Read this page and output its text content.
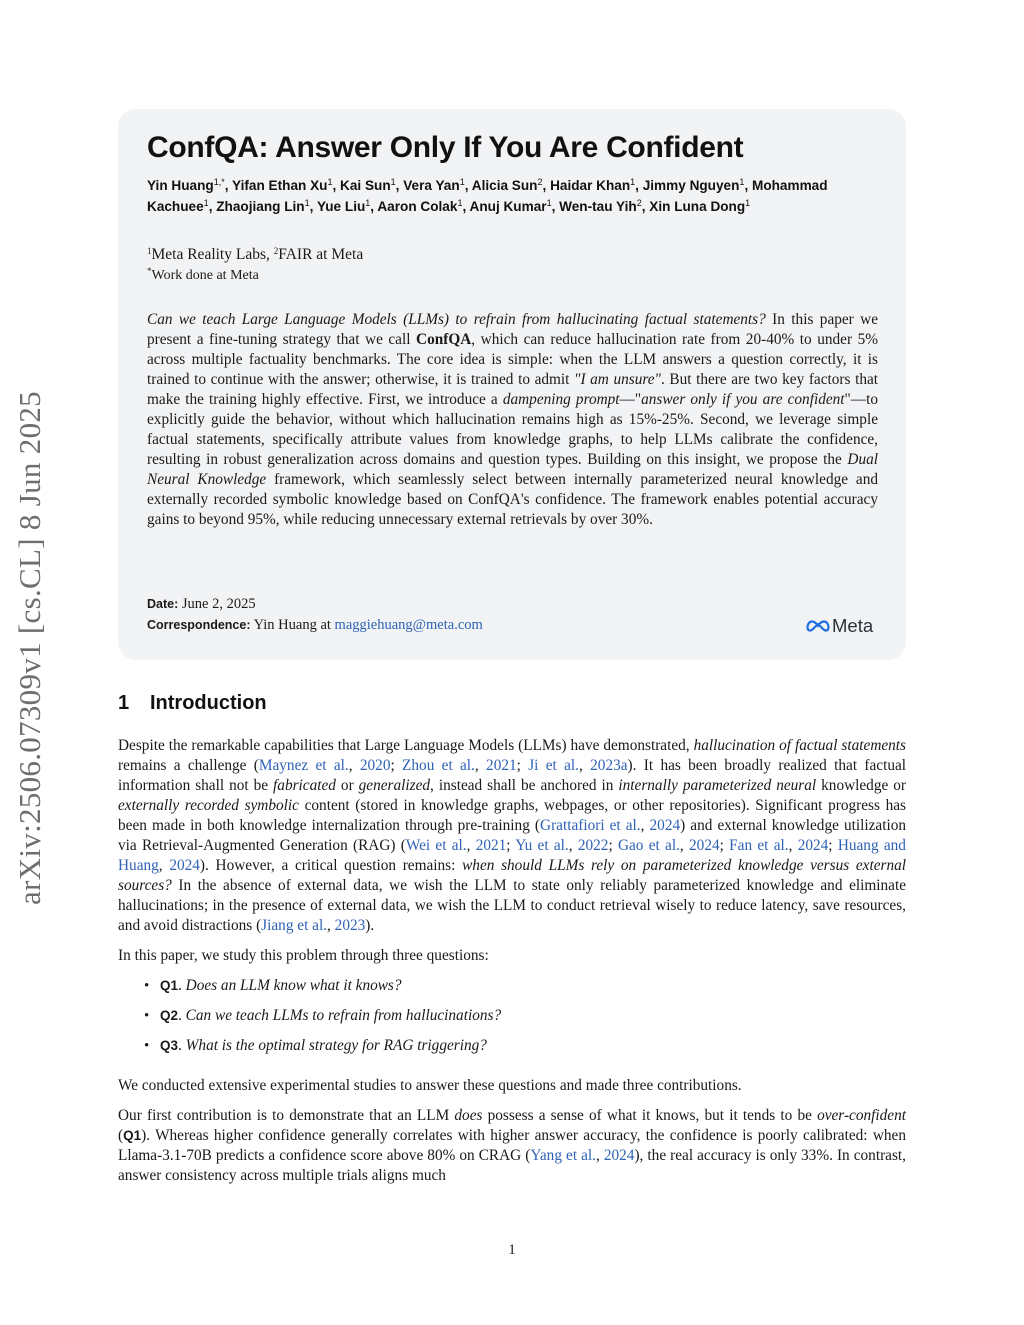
arXiv:2506.07309v1 [cs.CL] 8 Jun 2025
ConfQA: Answer Only If You Are Confident
Yin Huang$^{1,*}$, Yifan Ethan Xu$^1$, Kai Sun$^1$, Vera Yan$^1$, Alicia Sun$^2$, Haidar Khan$^1$, Jimmy Nguyen$^1$, Mohammad Kachuee$^1$, Zhaojiang Lin$^1$, Yue Liu$^1$, Aaron Colak$^1$, Anuj Kumar$^1$, Wen-tau Yih$^2$, Xin Luna Dong$^1$
$^1$Meta Reality Labs, $^2$FAIR at Meta
*Work done at Meta

Can we teach Large Language Models (LLMs) to refrain from hallucinating factual statements? In this paper we present a fine-tuning strategy that we call ConfQA, which can reduce hallucination rate from 20-40% to under 5% across multiple factuality benchmarks. The core idea is simple: when the LLM answers a question correctly, it is trained to continue with the answer; otherwise, it is trained to admit "I am unsure". But there are two key factors that make the training highly effective. First, we introduce a dampening prompt—"answer only if you are confident"—to explicitly guide the behavior, without which hallucination remains high as 15%-25%. Second, we leverage simple factual statements, specifically attribute values from knowledge graphs, to help LLMs calibrate the confidence, resulting in robust generalization across domains and question types. Building on this insight, we propose the Dual Neural Knowledge framework, which seamlessly select between internally parameterized neural knowledge and externally recorded symbolic knowledge based on ConfQA's confidence. The framework enables potential accuracy gains to beyond 95%, while reducing unnecessary external retrievals by over 30%.

Date: June 2, 2025
Correspondence: Yin Huang at maggiehuang@meta.com	Meta
1 Introduction

Despite the remarkable capabilities that Large Language Models (LLMs) have demonstrated, hallucination of factual statements remains a challenge (Maynez et al., 2020; Zhou et al., 2021; Ji et al., 2023a). It has been broadly realized that factual information shall not be fabricated or generalized, instead shall be anchored in internally parameterized neural knowledge or externally recorded symbolic content (stored in knowledge graphs, webpages, or other repositories). Significant progress has been made in both knowledge internalization through pre-training (Grattafiori et al., 2024) and external knowledge utilization via Retrieval-Augmented Generation (RAG) (Wei et al., 2021; Yu et al., 2022; Gao et al., 2024; Fan et al., 2024; Huang and Huang, 2024). However, a critical question remains: when should LLMs rely on parameterized knowledge versus external sources? In the absence of external data, we wish the LLM to state only reliably parameterized knowledge and eliminate hallucinations; in the presence of external data, we wish the LLM to conduct retrieval wisely to reduce latency, save resources, and avoid distractions (Jiang et al., 2023).

In this paper, we study this problem through three questions:

• Q1. Does an LLM know what it knows?
• Q2. Can we teach LLMs to refrain from hallucinations?
• Q3. What is the optimal strategy for RAG triggering?

We conducted extensive experimental studies to answer these questions and made three contributions.

Our first contribution is to demonstrate that an LLM does possess a sense of what it knows, but it tends to be over-confident (Q1). Whereas higher confidence generally correlates with higher answer accuracy, the confidence is poorly calibrated: when Llama-3.1-70B predicts a confidence score above 80% on CRAG (Yang et al., 2024), the real accuracy is only 33%. In contrast, answer consistency across multiple trials aligns much

1
